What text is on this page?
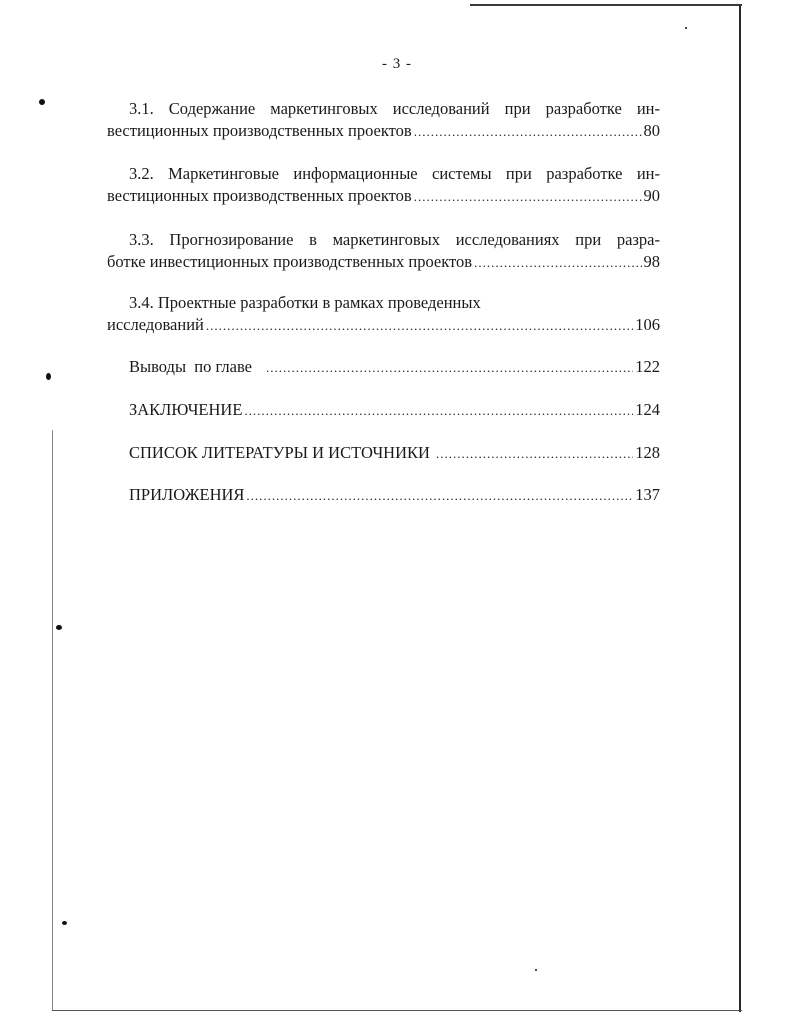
- 3 -
3.1. Содержание маркетинговых исследований при разработке ин-
вестиционных производственных проектов .....	80
3.2. Маркетинговые информационные системы при разработке ин-
вестиционных производственных проектов .....	90
3.3. Прогнозирование в маркетинговых исследованиях при разра-
ботке инвестиционных производственных проектов .....	98
3.4. Проектные разработки в рамках проведенных
исследований .....	106
Выводы  по главе .....	122
ЗАКЛЮЧЕНИЕ .....	124
СПИСОК ЛИТЕРАТУРЫ И ИСТОЧНИКИ .....	128
ПРИЛОЖЕНИЯ .....	137
